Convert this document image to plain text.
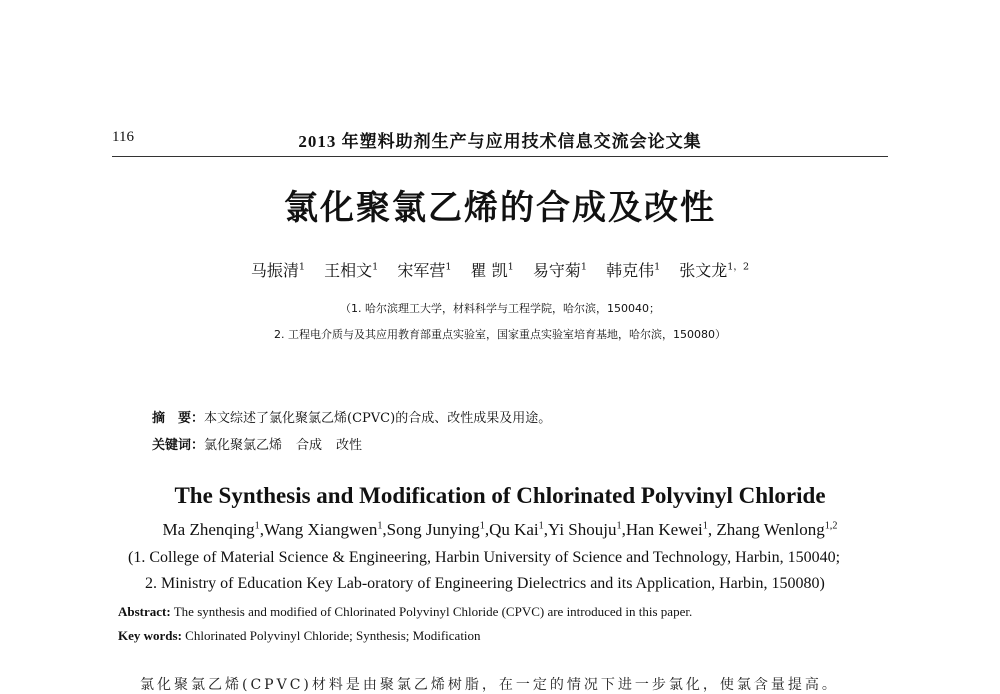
116	2013 年塑料助剂生产与应用技术信息交流会论文集
氯化聚氯乙烯的合成及改性
马振清$^1$ 王相文$^1$ 宋军营$^1$ 瞿 凯$^1$ 易守菊$^1$ 韩克伟$^1$ 张文龙$^{1,2}$
（1. 哈尔滨理工大学，材料科学与工程学院，哈尔滨，150040；
2. 工程电介质与及其应用教育部重点实验室，国家重点实验室培育基地，哈尔滨，150080）
摘　要：本文综述了氯化聚氯乙烯(CPVC)的合成、改性成果及用途。
关键词：氯化聚氯乙烯 合成 改性
The Synthesis and Modification of Chlorinated Polyvinyl Chloride
Ma Zhenqing$^1$,Wang Xiangwen$^1$,Song Junying$^1$,Qu Kai$^1$,Yi Shouju$^1$,Han Kewei$^1$, Zhang Wenlong$^{1,2}$
(1. College of Material Science & Engineering, Harbin University of Science and Technology, Harbin, 150040;
2. Ministry of Education Key Lab-oratory of Engineering Dielectrics and its Application, Harbin, 150080)
Abstract: The synthesis and modified of Chlorinated Polyvinyl Chloride (CPVC) are introduced in this paper.
Key words: Chlorinated Polyvinyl Chloride; Synthesis; Modification
氯化聚氯乙烯(CPVC)材料是由聚氯乙烯树脂，在一定的情况下进一步氯化，使氯含量提高。
